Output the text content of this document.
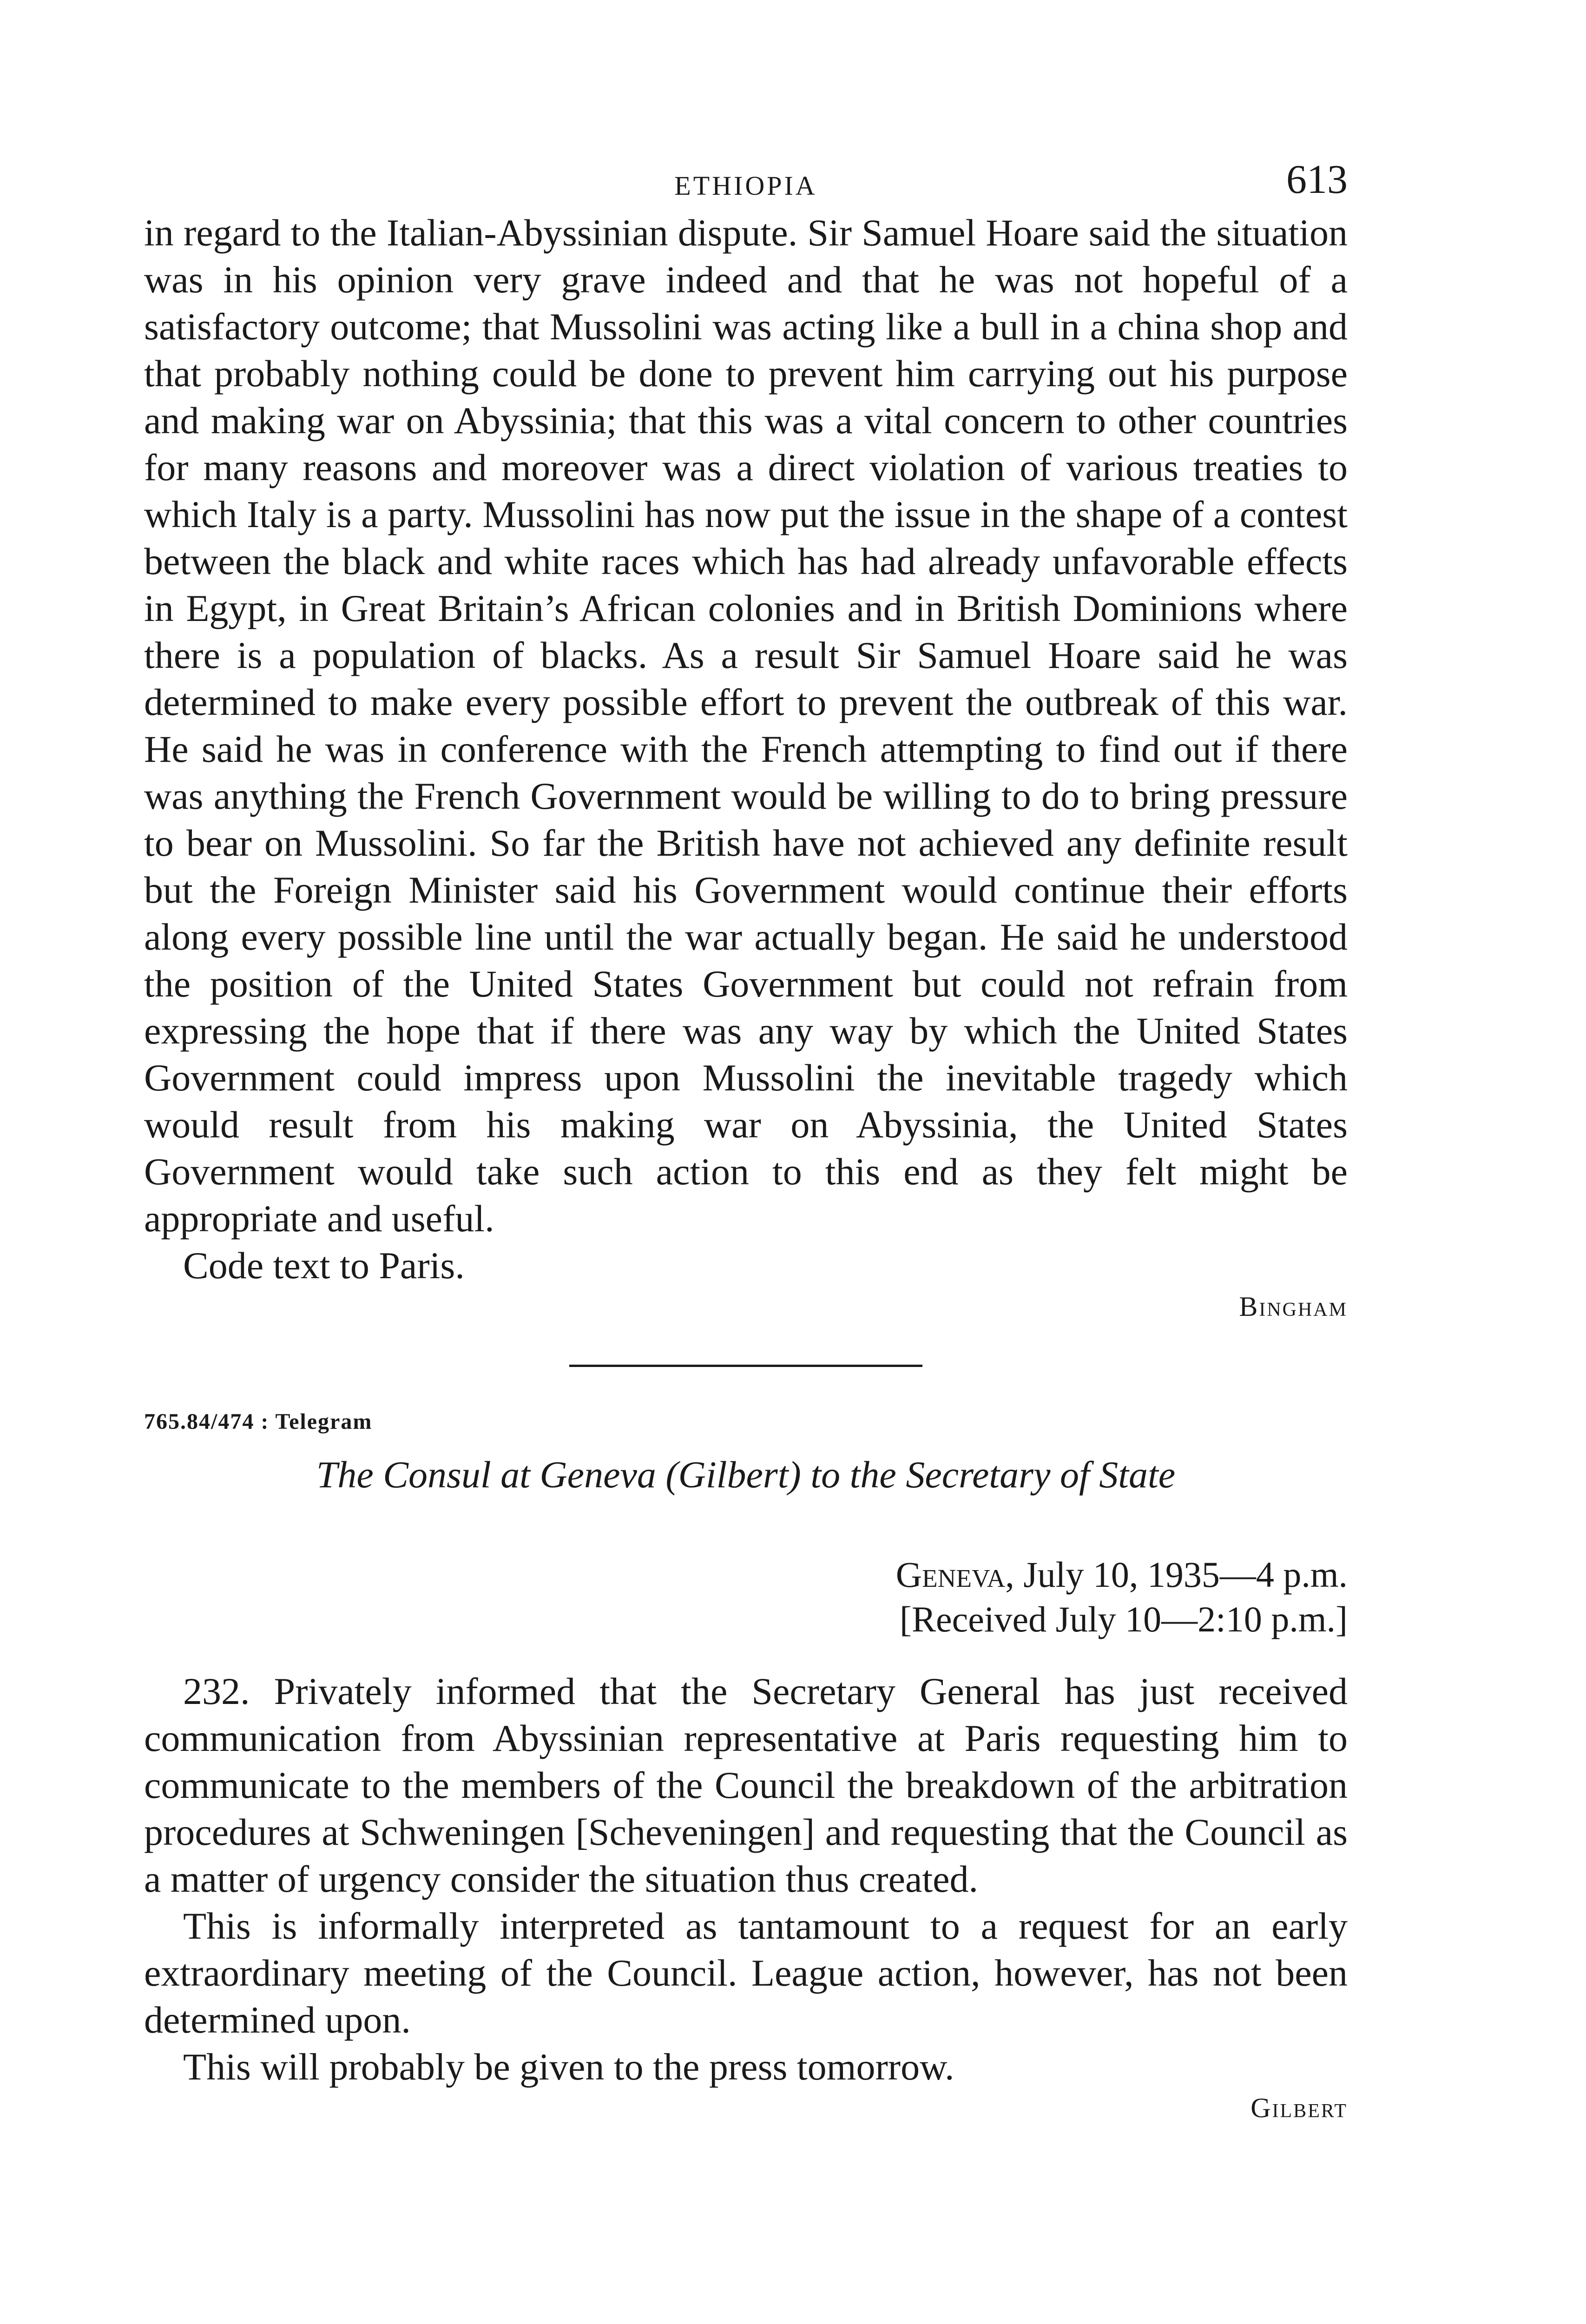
ETHIOPIA	613

in regard to the Italian-Abyssinian dispute. Sir Samuel Hoare said the situation was in his opinion very grave indeed and that he was not hopeful of a satisfactory outcome; that Mussolini was acting like a bull in a china shop and that probably nothing could be done to prevent him carrying out his purpose and making war on Abyssinia; that this was a vital concern to other countries for many reasons and moreover was a direct violation of various treaties to which Italy is a party. Mussolini has now put the issue in the shape of a contest between the black and white races which has had already unfavorable effects in Egypt, in Great Britain’s African colonies and in British Dominions where there is a population of blacks. As a result Sir Samuel Hoare said he was determined to make every possible effort to prevent the outbreak of this war. He said he was in conference with the French attempting to find out if there was anything the French Government would be willing to do to bring pressure to bear on Mussolini. So far the British have not achieved any definite result but the Foreign Minister said his Government would continue their efforts along every possible line until the war actually began. He said he understood the position of the United States Government but could not refrain from expressing the hope that if there was any way by which the United States Government could impress upon Mussolini the inevitable tragedy which would result from his making war on Abyssinia, the United States Government would take such action to this end as they felt might be appropriate and useful.

Code text to Paris.

Bingham

765.84/474 : Telegram

The Consul at Geneva (Gilbert) to the Secretary of State

Geneva, July 10, 1935—4 p.m.
[Received July 10—2:10 p.m.]

232. Privately informed that the Secretary General has just received communication from Abyssinian representative at Paris requesting him to communicate to the members of the Council the breakdown of the arbitration procedures at Schweningen [Scheveningen] and requesting that the Council as a matter of urgency consider the situation thus created.

This is informally interpreted as tantamount to a request for an early extraordinary meeting of the Council. League action, however, has not been determined upon.

This will probably be given to the press tomorrow.

Gilbert
